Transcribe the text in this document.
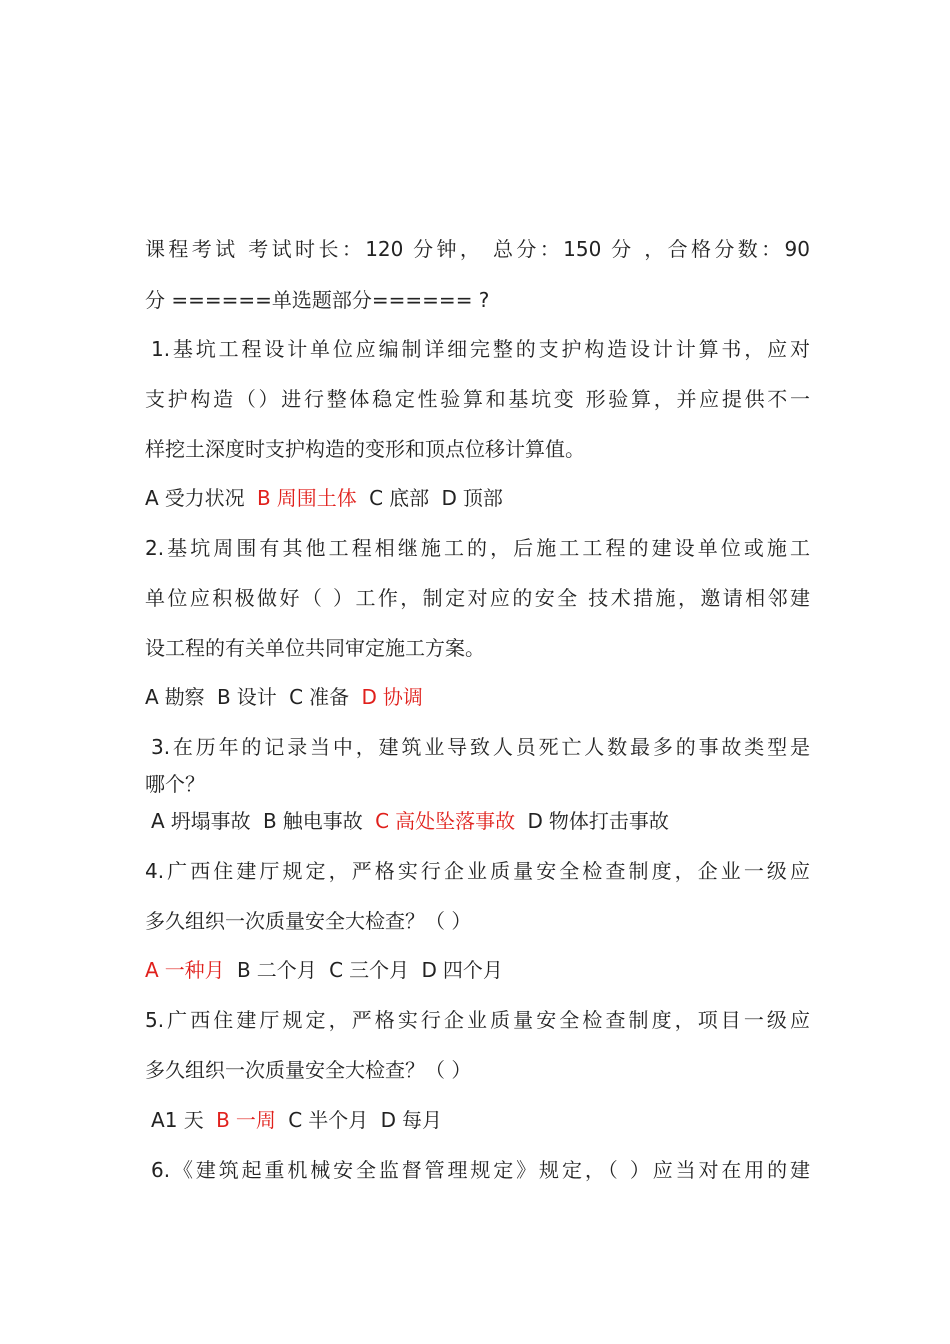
课程考试 考试时长：120 分钟， 总分：150 分 ，合格分数：90
分 ======单选题部分====== ?
1.基坑工程设计单位应编制详细完整的支护构造设计计算书，应对
支护构造（）进行整体稳定性验算和基坑变 形验算，并应提供不一
样挖土深度时支护构造的变形和顶点位移计算值。
A 受力状况 B 周围土体 C 底部 D 顶部
2.基坑周围有其他工程相继施工的，后施工工程的建设单位或施工
单位应积极做好（ ）工作，制定对应的安全 技术措施，邀请相邻建
设工程的有关单位共同审定施工方案。
A 勘察 B 设计 C 准备 D 协调
3.在历年的记录当中，建筑业导致人员死亡人数最多的事故类型是
哪个？
A 坍塌事故 B 触电事故 C 高处坠落事故 D 物体打击事故
4.广西住建厅规定，严格实行企业质量安全检查制度，企业一级应
多久组织一次质量安全大检查？（ ）
A 一种月 B 二个月 C 三个月 D 四个月
5.广西住建厅规定，严格实行企业质量安全检查制度，项目一级应
多久组织一次质量安全大检查？（ ）
A1 天 B 一周 C 半个月 D 每月
6.《建筑起重机械安全监督管理规定》规定，（ ）应当对在用的建
